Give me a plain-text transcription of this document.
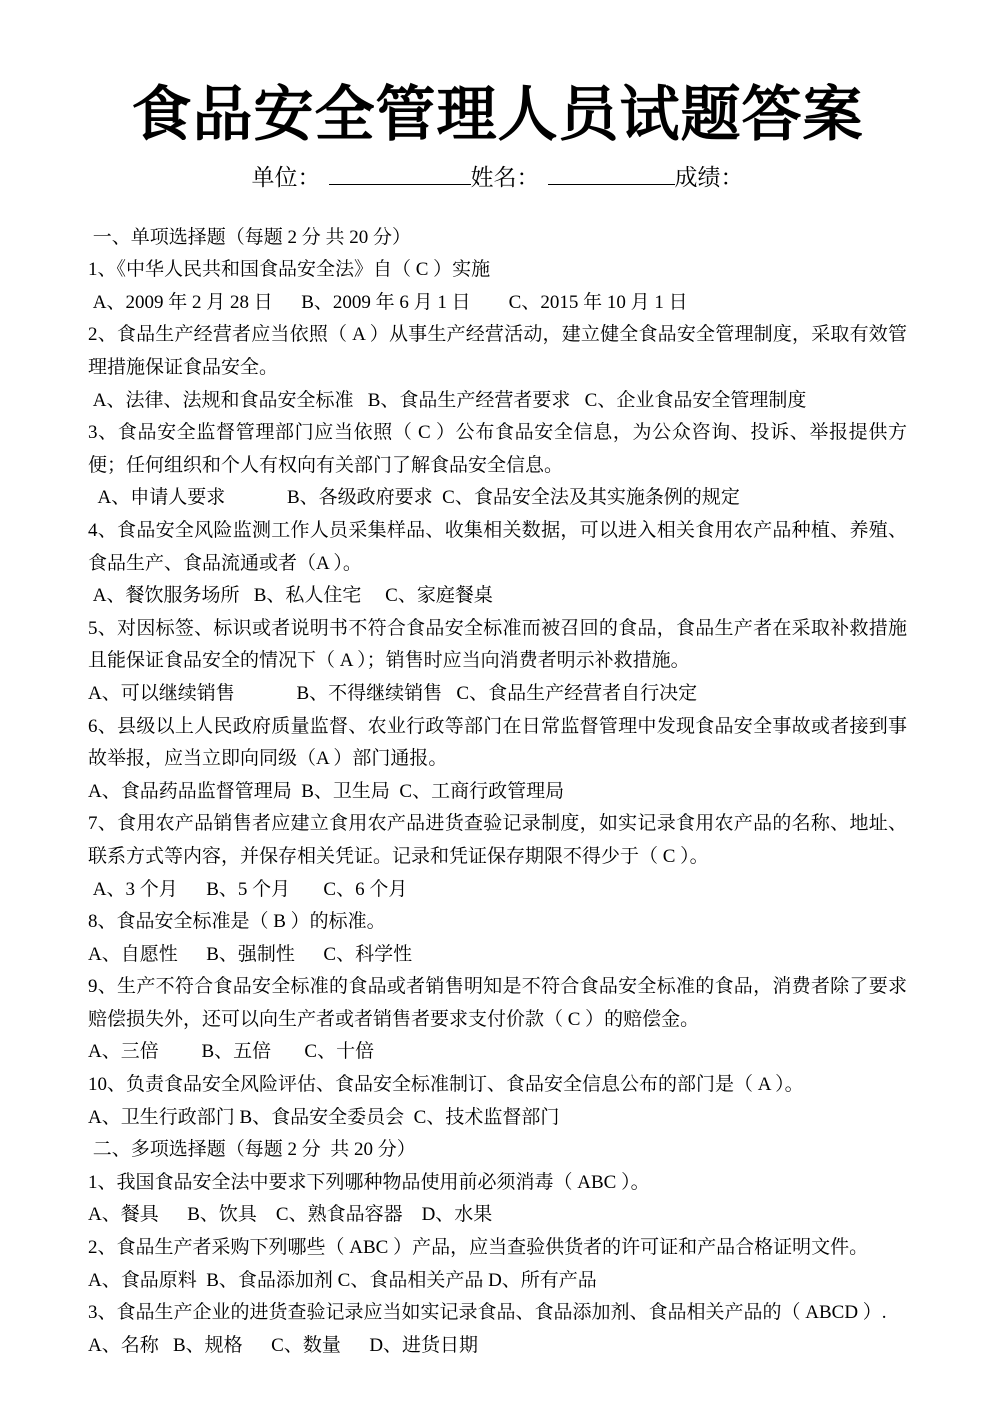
食品安全管理人员试题答案
单位：	姓名：	成绩：
一、单项选择题（每题 2 分 共 20 分）
1、《中华人民共和国食品安全法》自（ C ）实施
A、2009 年 2 月 28 日      B、2009 年 6 月 1 日        C、2015 年 10 月 1 日
2、食品生产经营者应当依照（ A ）从事生产经营活动，建立健全食品安全管理制度，采取有效管理措施保证食品安全。
A、法律、法规和食品安全标准   B、食品生产经营者要求   C、企业食品安全管理制度
3、食品安全监督管理部门应当依照（ C ）公布食品安全信息，为公众咨询、投诉、举报提供方便；任何组织和个人有权向有关部门了解食品安全信息。
A、申请人要求             B、各级政府要求  C、食品安全法及其实施条例的规定
4、食品安全风险监测工作人员采集样品、收集相关数据，可以进入相关食用农产品种植、养殖、食品生产、食品流通或者（A ）。
A、餐饮服务场所   B、私人住宅     C、家庭餐桌
5、对因标签、标识或者说明书不符合食品安全标准而被召回的食品，食品生产者在采取补救措施且能保证食品安全的情况下（ A ）；销售时应当向消费者明示补救措施。
A、可以继续销售             B、不得继续销售   C、食品生产经营者自行决定
6、县级以上人民政府质量监督、农业行政等部门在日常监督管理中发现食品安全事故或者接到事故举报，应当立即向同级（A ）部门通报。
A、食品药品监督管理局  B、卫生局  C、工商行政管理局
7、食用农产品销售者应建立食用农产品进货查验记录制度，如实记录食用农产品的名称、地址、联系方式等内容，并保存相关凭证。记录和凭证保存期限不得少于（ C ）。
A、3 个月      B、5 个月       C、6 个月
8、食品安全标准是（ B ）的标准。
A、自愿性      B、强制性      C、科学性
9、生产不符合食品安全标准的食品或者销售明知是不符合食品安全标准的食品，消费者除了要求赔偿损失外，还可以向生产者或者销售者要求支付价款（ C ）的赔偿金。
A、三倍         B、五倍       C、十倍
10、负责食品安全风险评估、食品安全标准制订、食品安全信息公布的部门是（ A ）。
A、卫生行政部门 B、食品安全委员会  C、技术监督部门
二、多项选择题（每题 2 分  共 20 分）
1、我国食品安全法中要求下列哪种物品使用前必须消毒（ ABC ）。
A、餐具      B、饮具    C、熟食品容器    D、水果
2、食品生产者采购下列哪些（ ABC ）产品，应当查验供货者的许可证和产品合格证明文件。
A、食品原料  B、食品添加剂 C、食品相关产品 D、所有产品
3、食品生产企业的进货查验记录应当如实记录食品、食品添加剂、食品相关产品的（ ABCD ）.
A、名称   B、规格      C、数量      D、进货日期
